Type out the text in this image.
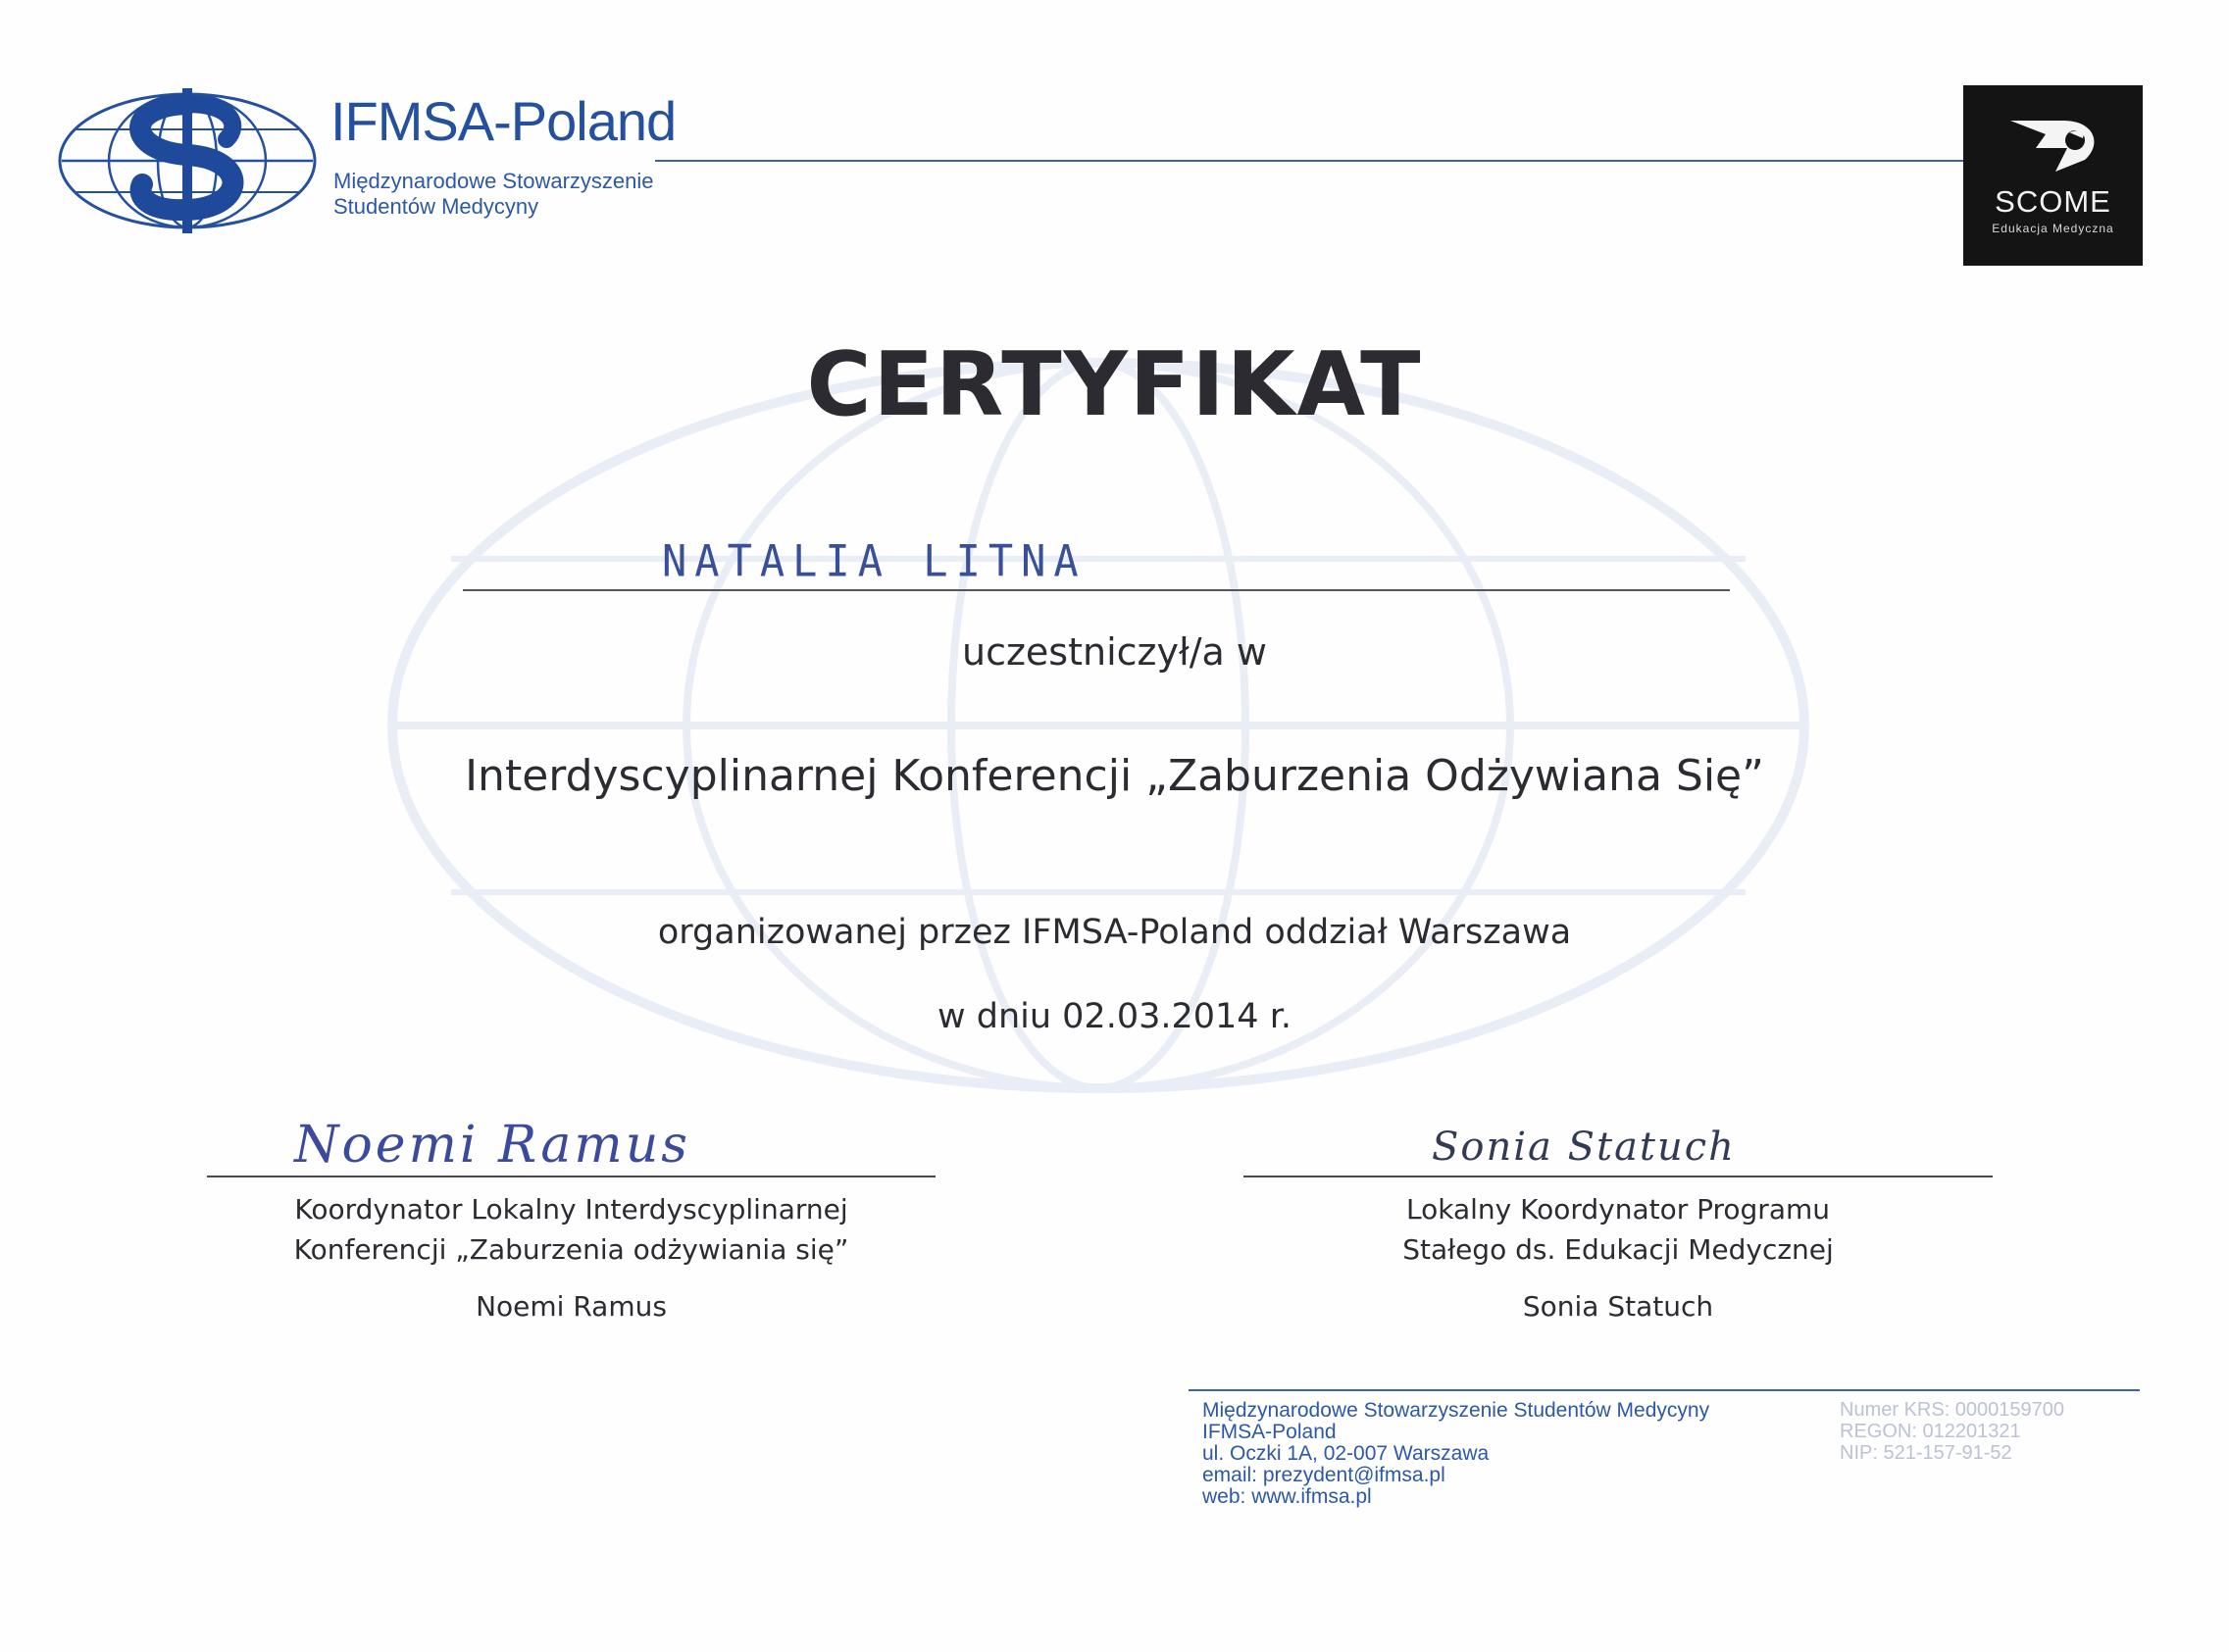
IFMSA-Poland
Międzynarodowe Stowarzyszenie
Studentów Medycyny	SCOME
Edukacja Medyczna
CERTYFIKAT
NATALIA LITNA
uczestniczył/a w
Interdyscyplinarnej Konferencji „Zaburzenia Odżywiana Się”
organizowanej przez IFMSA-Poland oddział Warszawa
w dniu 02.03.2014 r.
Noemi Ramus
Koordynator Lokalny Interdyscyplinarnej
Konferencji „Zaburzenia odżywiania się”
Noemi Ramus
Sonia Statuch
Lokalny Koordynator Programu
Stałego ds. Edukacji Medycznej
Sonia Statuch
Międzynarodowe Stowarzyszenie Studentów Medycyny
IFMSA-Poland
ul. Oczki 1A, 02-007 Warszawa
email: prezydent@ifmsa.pl
web: www.ifmsa.pl
Numer KRS: 0000159700
REGON: 012201321
NIP: 521-157-91-52
